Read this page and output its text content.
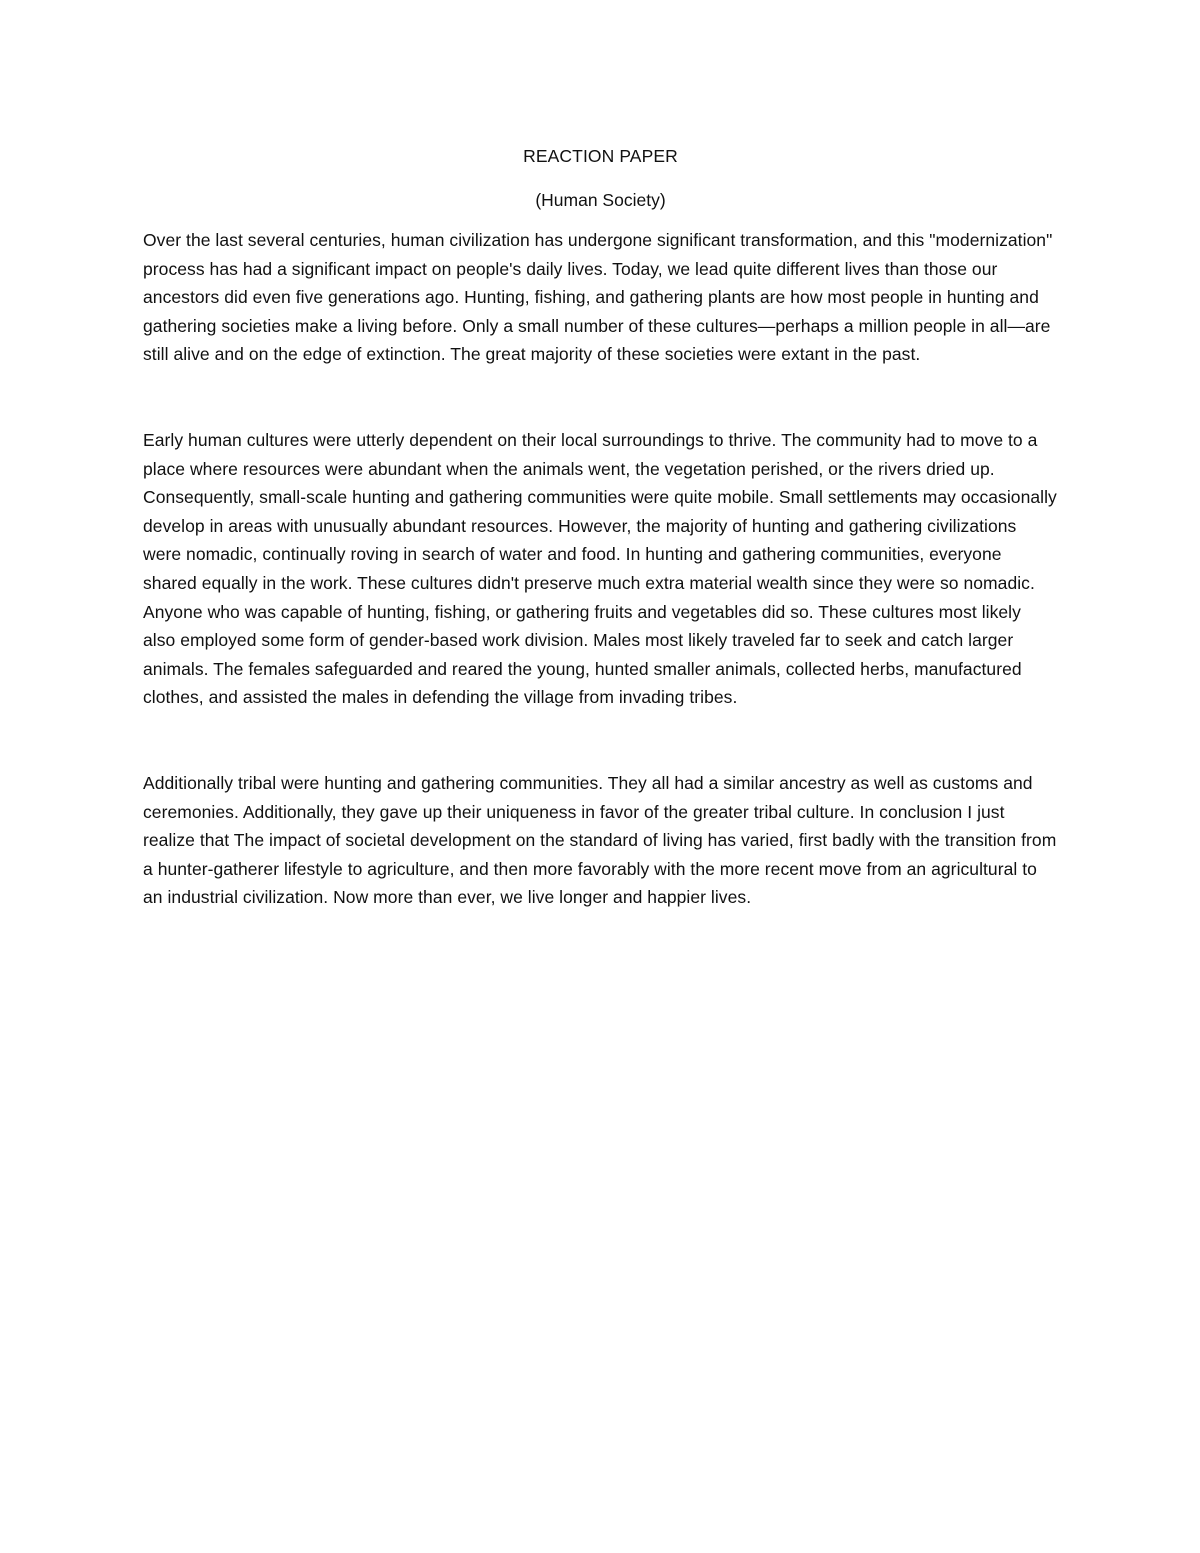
REACTION PAPER

(Human Society)

Over the last several centuries, human civilization has undergone significant transformation, and this "modernization" process has had a significant impact on people's daily lives. Today, we lead quite different lives than those our ancestors did even five generations ago. Hunting, fishing, and gathering plants are how most people in hunting and gathering societies make a living before. Only a small number of these cultures—perhaps a million people in all—are still alive and on the edge of extinction. The great majority of these societies were extant in the past.

Early human cultures were utterly dependent on their local surroundings to thrive. The community had to move to a place where resources were abundant when the animals went, the vegetation perished, or the rivers dried up. Consequently, small-scale hunting and gathering communities were quite mobile. Small settlements may occasionally develop in areas with unusually abundant resources. However, the majority of hunting and gathering civilizations were nomadic, continually roving in search of water and food. In hunting and gathering communities, everyone shared equally in the work. These cultures didn't preserve much extra material wealth since they were so nomadic. Anyone who was capable of hunting, fishing, or gathering fruits and vegetables did so. These cultures most likely also employed some form of gender-based work division. Males most likely traveled far to seek and catch larger animals. The females safeguarded and reared the young, hunted smaller animals, collected herbs, manufactured clothes, and assisted the males in defending the village from invading tribes.

Additionally tribal were hunting and gathering communities. They all had a similar ancestry as well as customs and ceremonies. Additionally, they gave up their uniqueness in favor of the greater tribal culture. In conclusion I just realize that The impact of societal development on the standard of living has varied, first badly with the transition from a hunter-gatherer lifestyle to agriculture, and then more favorably with the more recent move from an agricultural to an industrial civilization. Now more than ever, we live longer and happier lives.
